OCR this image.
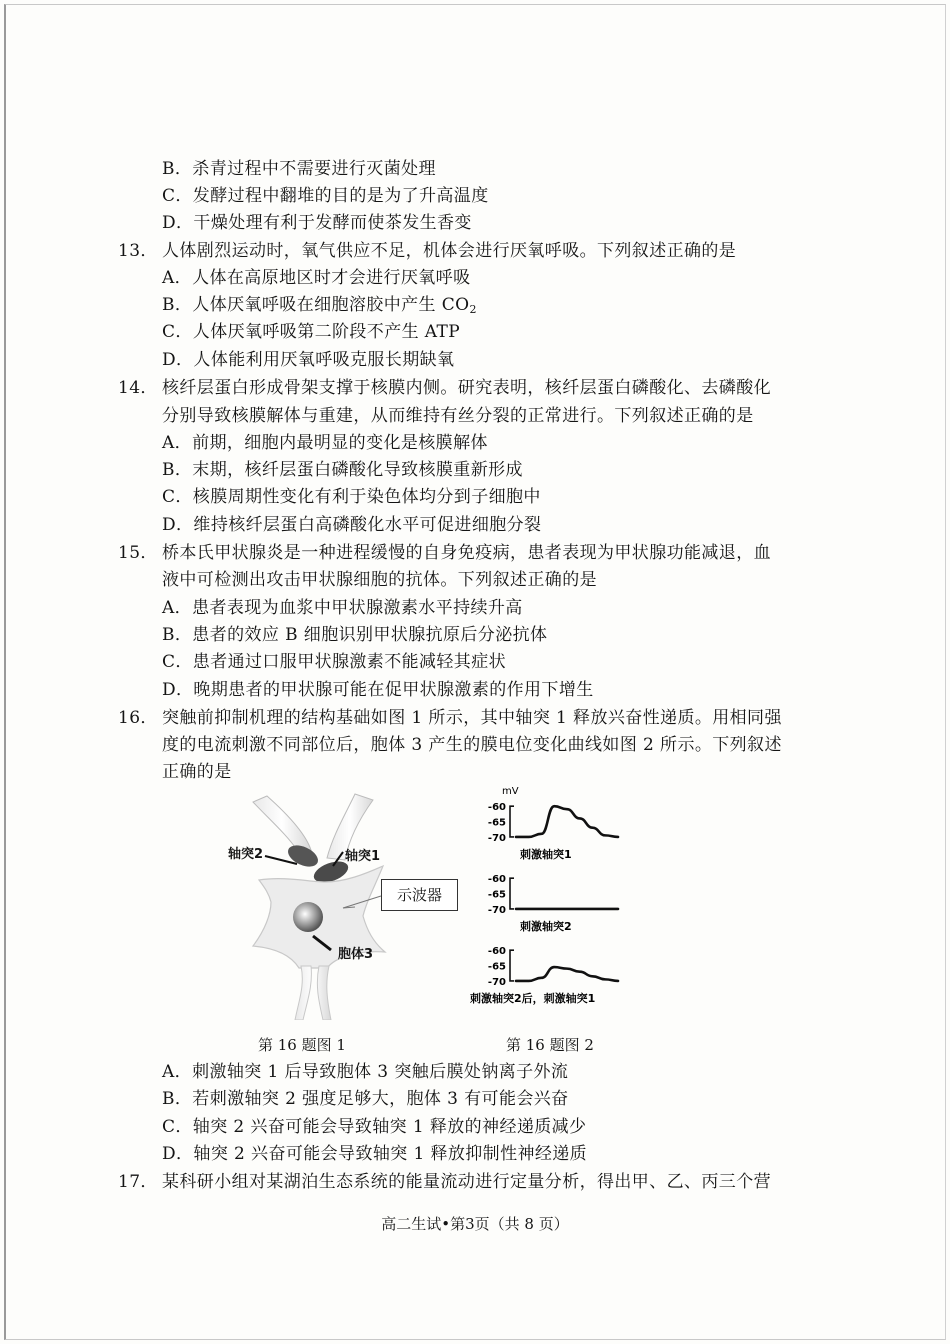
B．杀青过程中不需要进行灭菌处理
C．发酵过程中翻堆的目的是为了升高温度
D．干燥处理有利于发酵而使茶发生香变
13． 人体剧烈运动时，氧气供应不足，机体会进行厌氧呼吸。下列叙述正确的是
A．人体在高原地区时才会进行厌氧呼吸
B．人体厌氧呼吸在细胞溶胶中产生 $CO_2$
C．人体厌氧呼吸第二阶段不产生 ATP
D．人体能利用厌氧呼吸克服长期缺氧
14． 核纤层蛋白形成骨架支撑于核膜内侧。研究表明，核纤层蛋白磷酸化、去磷酸化
分别导致核膜解体与重建，从而维持有丝分裂的正常进行。下列叙述正确的是
A．前期，细胞内最明显的变化是核膜解体
B．末期，核纤层蛋白磷酸化导致核膜重新形成
C．核膜周期性变化有利于染色体均分到子细胞中
D．维持核纤层蛋白高磷酸化水平可促进细胞分裂
15． 桥本氏甲状腺炎是一种进程缓慢的自身免疫病，患者表现为甲状腺功能减退，血
液中可检测出攻击甲状腺细胞的抗体。下列叙述正确的是
A．患者表现为血浆中甲状腺激素水平持续升高
B．患者的效应 B 细胞识别甲状腺抗原后分泌抗体
C．患者通过口服甲状腺激素不能减轻其症状
D．晚期患者的甲状腺可能在促甲状腺激素的作用下增生
16． 突触前抑制机理的结构基础如图 1 所示，其中轴突 1 释放兴奋性递质。用相同强
度的电流刺激不同部位后，胞体 3 产生的膜电位变化曲线如图 2 所示。下列叙述
正确的是
轴突2	轴突1
示波器
胞体3
第 16 题图 1
mV
-60
-65
-70
刺激轴突1
-60
-65
-70
刺激轴突2
-60
-65
-70
刺激轴突2后，刺激轴突1
第 16 题图 2
A．刺激轴突 1 后导致胞体 3 突触后膜处钠离子外流
B．若刺激轴突 2 强度足够大，胞体 3 有可能会兴奋
C．轴突 2 兴奋可能会导致轴突 1 释放的神经递质减少
D．轴突 2 兴奋可能会导致轴突 1 释放抑制性神经递质
17． 某科研小组对某湖泊生态系统的能量流动进行定量分析，得出甲、乙、丙三个营
高二生试•第3页（共 8 页）
